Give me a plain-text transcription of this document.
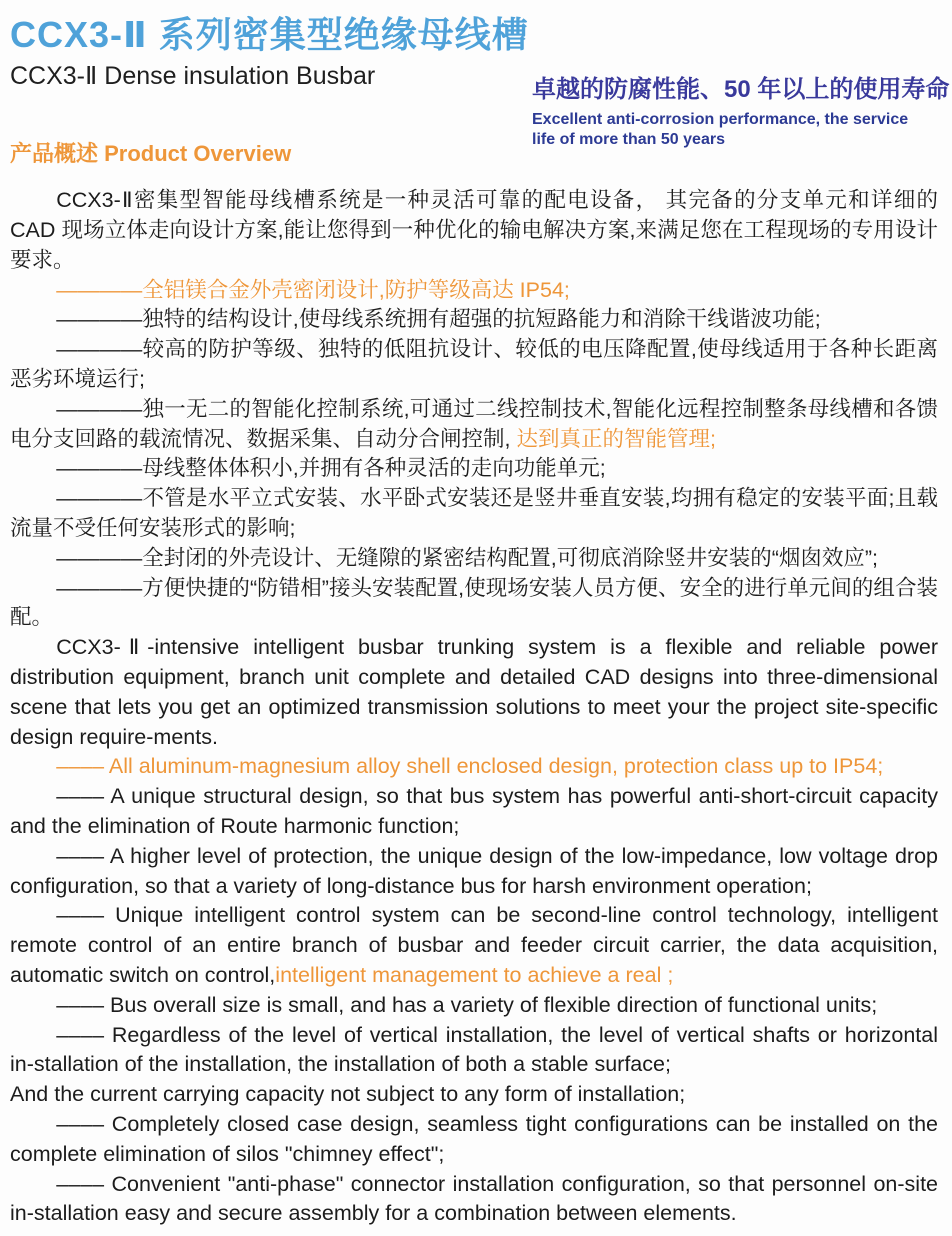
CCX3-Ⅱ 系列密集型绝缘母线槽
CCX3-Ⅱ Dense insulation Busbar	卓越的防腐性能、50 年以上的使用寿命
Excellent anti-corrosion performance, the service
life of more than 50 years
产品概述 Product Overview

CCX3-Ⅱ密集型智能母线槽系统是一种灵活可靠的配电设备， 其完备的分支单元和详细的 CAD 现场立体走向设计方案,能让您得到一种优化的输电解决方案,来满足您在工程现场的专用设计要求。

————全铝镁合金外壳密闭设计,防护等级高达 IP54;

————独特的结构设计,使母线系统拥有超强的抗短路能力和消除干线谐波功能;

————较高的防护等级、独特的低阻抗设计、较低的电压降配置,使母线适用于各种长距离恶劣环境运行;

————独一无二的智能化控制系统,可通过二线控制技术,智能化远程控制整条母线槽和各馈电分支回路的载流情况、数据采集、自动分合闸控制, 达到真正的智能管理;

————母线整体体积小,并拥有各种灵活的走向功能单元;

————不管是水平立式安装、水平卧式安装还是竖井垂直安装,均拥有稳定的安装平面;且载流量不受任何安装形式的影响;

————全封闭的外壳设计、无缝隙的紧密结构配置,可彻底消除竖井安装的“烟囱效应”;

————方便快捷的“防错相”接头安装配置,使现场安装人员方便、安全的进行单元间的组合装配。

CCX3-Ⅱ-intensive intelligent busbar trunking system is a flexible and reliable power distribution equipment, branch unit complete and detailed CAD designs into three-dimensional scene that lets you get an optimized transmission solutions to meet your the project site-specific design require-ments.

–––– All aluminum-magnesium alloy shell enclosed design, protection class up to IP54;

–––– A unique structural design, so that bus system has powerful anti-short-circuit capacity and the elimination of Route harmonic function;

–––– A higher level of protection, the unique design of the low-impedance, low voltage drop configuration, so that a variety of long-distance bus for harsh environment operation;

–––– Unique intelligent control system can be second-line control technology, intelligent remote control of an entire branch of busbar and feeder circuit carrier, the data acquisition, automatic switch on control,intelligent management to achieve a real ;

–––– Bus overall size is small, and has a variety of flexible direction of functional units;

–––– Regardless of the level of vertical installation, the level of vertical shafts or horizontal in-stallation of the installation, the installation of both a stable surface;

And the current carrying capacity not subject to any form of installation;

–––– Completely closed case design, seamless tight configurations can be installed on the complete elimination of silos "chimney effect";

–––– Convenient "anti-phase" connector installation configuration, so that personnel on-site in-stallation easy and secure assembly for a combination between elements.
